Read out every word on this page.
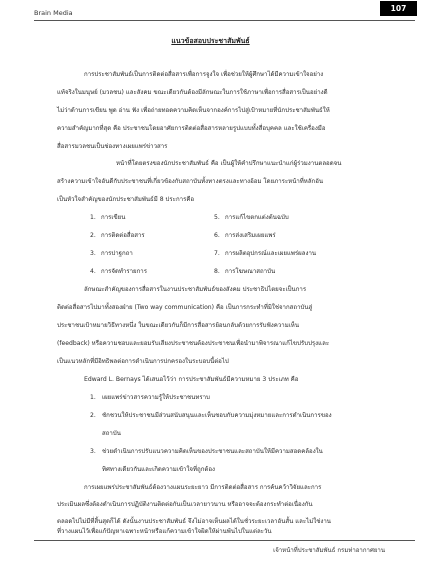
Brain Media	107
แนวข้อสอบประชาสัมพันธ์
การประชาสัมพันธ์เป็นการติดต่อสื่อสารเพื่อการจูงใจ เพื่อช่วยให้ผู้ศึกษาได้มีความเข้าใจอย่าง
แท้จริงในมนุษย์ (มวลชน) และสังคม ขณะเดียวกันต้องมีลักษณะในการใช้ภาษาเพื่อการสื่อสารเป็นอย่างดี
ไม่ว่าด้านการเขียน พูด อ่าน ฟัง เพื่อถ่ายทอดความคิดเห็นจากองค์การไปสู่เป้าหมายที่นักประชาสัมพันธ์ให้
ความสำคัญมากที่สุด คือ ประชาชนโดยอาศัยการติดต่อสื่อสารหลายรูปแบบทั้งสื่อบุคคล และใช้เครื่องมือ
สื่อสารมวลชนเป็นช่องทางเผยแพร่ข่าวสาร
หน้าที่โดยตรงของนักประชาสัมพันธ์ คือ เป็นผู้ให้คำปรึกษาแนะนำแก่ผู้ร่วมงานตลอดจน
สร้างความเข้าใจอันดีกับประชาชนที่เกี่ยวข้องกับสถาบันทั้งทางตรงและทางอ้อม โดยภาระหน้าที่หลักอัน
เป็นหัวใจสำคัญของนักประชาสัมพันธ์มี 8 ประการคือ
1. การเขียน
2. การติดต่อสื่อสาร
3. การปาฐกถา
4. การจัดทำรายการ
5. การแก้ไขตกแต่งต้นฉบับ
6. การส่งเสริมเผยแพร่
7. การผลิตอุปกรณ์และเผยแพร่ผลงาน
8. การโฆษณาสถาบัน
ลักษณะสำคัญของการสื่อสารในงานประชาสัมพันธ์ของสังคม ประชาธิปไตยจะเป็นการ
ติดต่อสื่อสารไปมาทั้งสองฝ่าย (Two way communication) คือ เป็นการกระทำที่มิใช่จากสถาบันสู่
ประชาชนเป้าหมายวิธีทางหนึ่ง ในขณะเดียวกันก็มีการสื่อสารย้อนกลับด้วยการรับฟังความเห็น
(feedback) หรือความชอบและยอมรับเสียงประชาชนต้องประชาชนเพื่อนำมาพิจารณาแก้ไขปรับปรุงและ
เป็นแนวหลักที่มีอิทธิพลต่อการดำเนินการปกครองในระบอบนี้ต่อไป
Edward L. Bernays ได้เสนอไว้ว่า การประชาสัมพันธ์มีความหมาย 3 ประเภท คือ
1. เผยแพร่ข่าวสารความรู้ให้ประชาชนทราบ
2. ชักชวนให้ประชาชนมีส่วนสนับสนุนและเห็นชอบกับความมุ่งหมายและการดำเนินการของ
สถาบัน
3. ช่วยดำเนินการปรับแนวความคิดเห็นของประชาชนและสถาบันให้มีความสอดคล้องใน
ทิศทางเดียวกันและเกิดความเข้าใจที่ถูกต้อง
การเผยแพร่ประชาสัมพันธ์ต้องวางแผนระยะยาว มีการติดต่อสื่อสาร การค้นคว้าวิจัยและการ
ประเมินผลซึ่งต้องดำเนินการปฏิบัติงานติดต่อกันเป็นเวลายาวนาน หรืออาจจะต้องกระทำต่อเนื่องกัน
ตลอดไปไม่มีที่สิ้นสุดก็ได้ ดังนั้นงานประชาสัมพันธ์ จึงไม่อาจเห็นผลได้ในชั่วระยะเวลาอันสั้น และไม่ใช่งาน
ที่วางแผนไว้เพื่อแก้ปัญหาเฉพาะหน้าหรือแก้ความเข้าใจผิดให้ผ่านพ้นไปในแต่ละวัน
เจ้าหน้าที่ประชาสัมพันธ์ กรมท่าอากาศยาน
